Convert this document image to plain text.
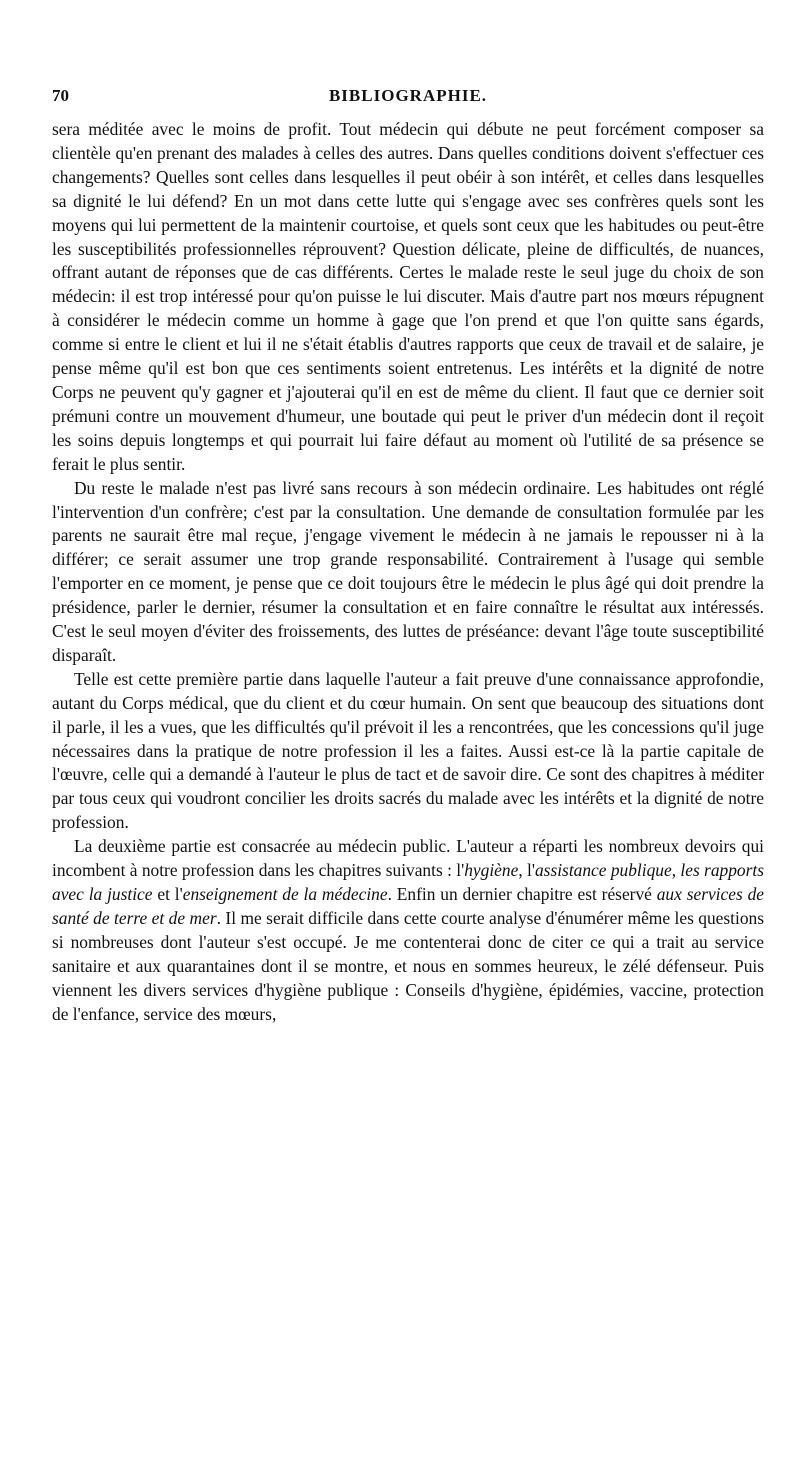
70	BIBLIOGRAPHIE.

sera méditée avec le moins de profit. Tout médecin qui débute ne peut forcément composer sa clientèle qu'en prenant des malades à celles des autres. Dans quelles conditions doivent s'effectuer ces changements? Quelles sont celles dans lesquelles il peut obéir à son intérêt, et celles dans lesquelles sa dignité le lui défend? En un mot dans cette lutte qui s'engage avec ses confrères quels sont les moyens qui lui permettent de la maintenir courtoise, et quels sont ceux que les habitudes ou peut-être les susceptibilités professionnelles réprouvent? Question délicate, pleine de difficultés, de nuances, offrant autant de réponses que de cas différents. Certes le malade reste le seul juge du choix de son médecin: il est trop intéressé pour qu'on puisse le lui discuter. Mais d'autre part nos mœurs répugnent à considérer le médecin comme un homme à gage que l'on prend et que l'on quitte sans égards, comme si entre le client et lui il ne s'était établis d'autres rapports que ceux de travail et de salaire, je pense même qu'il est bon que ces sentiments soient entretenus. Les intérêts et la dignité de notre Corps ne peuvent qu'y gagner et j'ajouterai qu'il en est de même du client. Il faut que ce dernier soit prémuni contre un mouvement d'humeur, une boutade qui peut le priver d'un médecin dont il reçoit les soins depuis longtemps et qui pourrait lui faire défaut au moment où l'utilité de sa présence se ferait le plus sentir.

Du reste le malade n'est pas livré sans recours à son médecin ordinaire. Les habitudes ont réglé l'intervention d'un confrère; c'est par la consultation. Une demande de consultation formulée par les parents ne saurait être mal reçue, j'engage vivement le médecin à ne jamais le repousser ni à la différer; ce serait assumer une trop grande responsabilité. Contrairement à l'usage qui semble l'emporter en ce moment, je pense que ce doit toujours être le médecin le plus âgé qui doit prendre la présidence, parler le dernier, résumer la consultation et en faire connaître le résultat aux intéressés. C'est le seul moyen d'éviter des froissements, des luttes de préséance: devant l'âge toute susceptibilité disparaît.

Telle est cette première partie dans laquelle l'auteur a fait preuve d'une connaissance approfondie, autant du Corps médical, que du client et du cœur humain. On sent que beaucoup des situations dont il parle, il les a vues, que les difficultés qu'il prévoit il les a rencontrées, que les concessions qu'il juge nécessaires dans la pratique de notre profession il les a faites. Aussi est-ce là la partie capitale de l'œuvre, celle qui a demandé à l'auteur le plus de tact et de savoir dire. Ce sont des chapitres à méditer par tous ceux qui voudront concilier les droits sacrés du malade avec les intérêts et la dignité de notre profession.

La deuxième partie est consacrée au médecin public. L'auteur a réparti les nombreux devoirs qui incombent à notre profession dans les chapitres suivants : l'hygiène, l'assistance publique, les rapports avec la justice et l'enseignement de la médecine. Enfin un dernier chapitre est réservé aux services de santé de terre et de mer. Il me serait difficile dans cette courte analyse d'énumérer même les questions si nombreuses dont l'auteur s'est occupé. Je me contenterai donc de citer ce qui a trait au service sanitaire et aux quarantaines dont il se montre, et nous en sommes heureux, le zélé défenseur. Puis viennent les divers services d'hygiène publique : Conseils d'hygiène, épidémies, vaccine, protection de l'enfance, service des mœurs,
